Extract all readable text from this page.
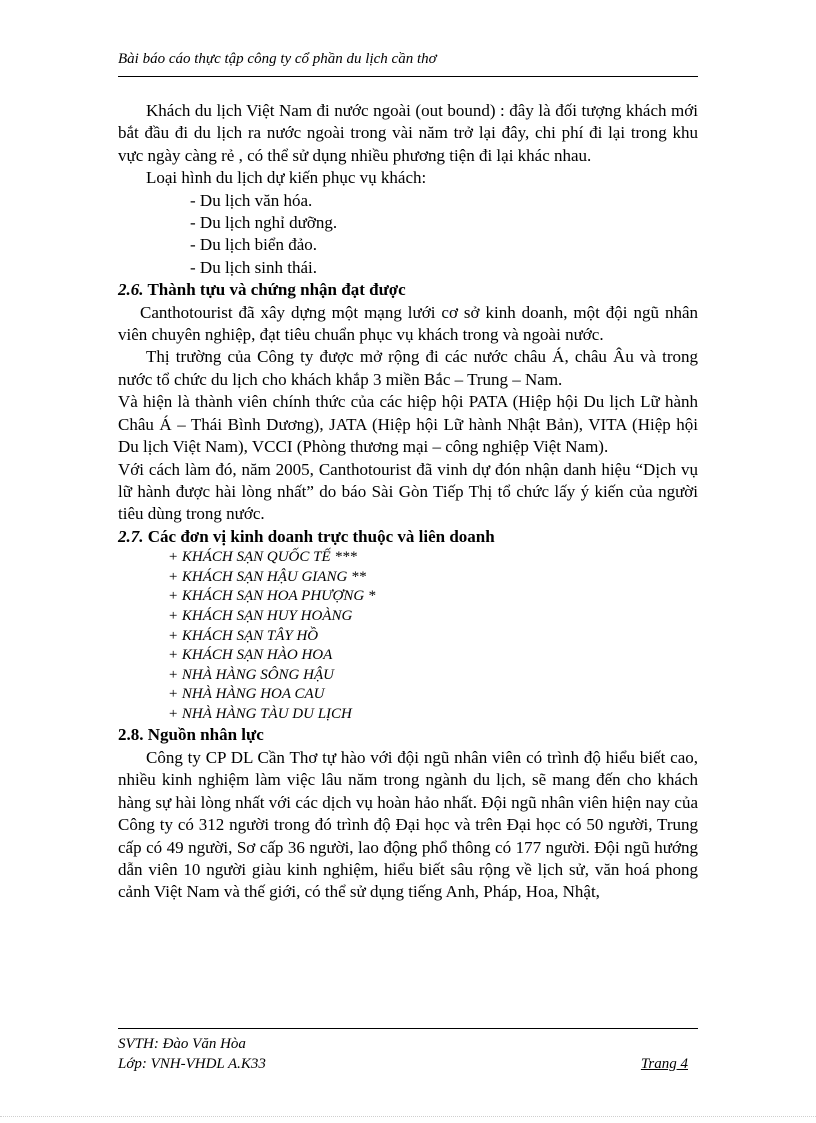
Bài báo cáo thực tập công ty cổ phần du lịch cần thơ

Khách du lịch Việt Nam đi nước ngoài (out bound) : đây là đối tượng khách mới bắt đầu đi du lịch ra nước ngoài trong vài năm trở lại đây, chi phí đi lại trong khu vực ngày càng rẻ , có thể sử dụng nhiều phương tiện đi lại khác nhau.

Loại hình du lịch dự kiến phục vụ khách:

- Du lịch văn hóa.
- Du lịch nghỉ dưỡng.
- Du lịch biển đảo.
- Du lịch sinh thái.
2.6. Thành tựu và chứng nhận đạt được

Canthotourist đã xây dựng một mạng lưới cơ sở kinh doanh, một đội ngũ nhân viên chuyên nghiệp, đạt tiêu chuẩn phục vụ khách trong và ngoài nước.

Thị trường của Công ty được mở rộng đi các nước châu Á, châu Âu và trong nước tổ chức du lịch cho khách khắp 3 miền Bắc – Trung – Nam.

Và hiện là thành viên chính thức của các hiệp hội PATA (Hiệp hội Du lịch Lữ hành Châu Á – Thái Bình Dương), JATA (Hiệp hội Lữ hành Nhật Bản), VITA (Hiệp hội Du lịch Việt Nam), VCCI (Phòng thương mại – công nghiệp Việt Nam).

Với cách làm đó, năm 2005, Canthotourist đã vinh dự đón nhận danh hiệu “Dịch vụ lữ hành được hài lòng nhất” do báo Sài Gòn Tiếp Thị tổ chức lấy ý kiến của người tiêu dùng trong nước.

2.7. Các đơn vị kinh doanh trực thuộc và liên doanh
+ KHÁCH SẠN QUỐC TẾ ***
+ KHÁCH SẠN HẬU GIANG **
+ KHÁCH SẠN HOA PHƯỢNG *
+ KHÁCH SẠN HUY HOÀNG
+ KHÁCH SẠN TÂY HỒ
+ KHÁCH SẠN HÀO HOA
+ NHÀ HÀNG SÔNG HẬU
+ NHÀ HÀNG HOA CAU
+ NHÀ HÀNG TÀU DU LỊCH
2.8. Nguồn nhân lực

Công ty CP DL Cần Thơ tự hào với đội ngũ nhân viên có trình độ hiểu biết cao, nhiều kinh nghiệm làm việc lâu năm trong ngành du lịch, sẽ mang đến cho khách hàng sự hài lòng nhất với các dịch vụ hoàn hảo nhất. Đội ngũ nhân viên hiện nay của Công ty có 312 người trong đó trình độ Đại học và trên Đại học có 50 người, Trung cấp có 49 người, Sơ cấp 36 người, lao động phổ thông có 177 người. Đội ngũ hướng dẫn viên 10 người giàu kinh nghiệm, hiểu biết sâu rộng về lịch sử, văn hoá phong cảnh Việt Nam và thế giới, có thể sử dụng tiếng Anh, Pháp, Hoa, Nhật,

SVTH: Đào Văn Hòa
Lớp: VNH-VHDL A.K33	Trang 4
